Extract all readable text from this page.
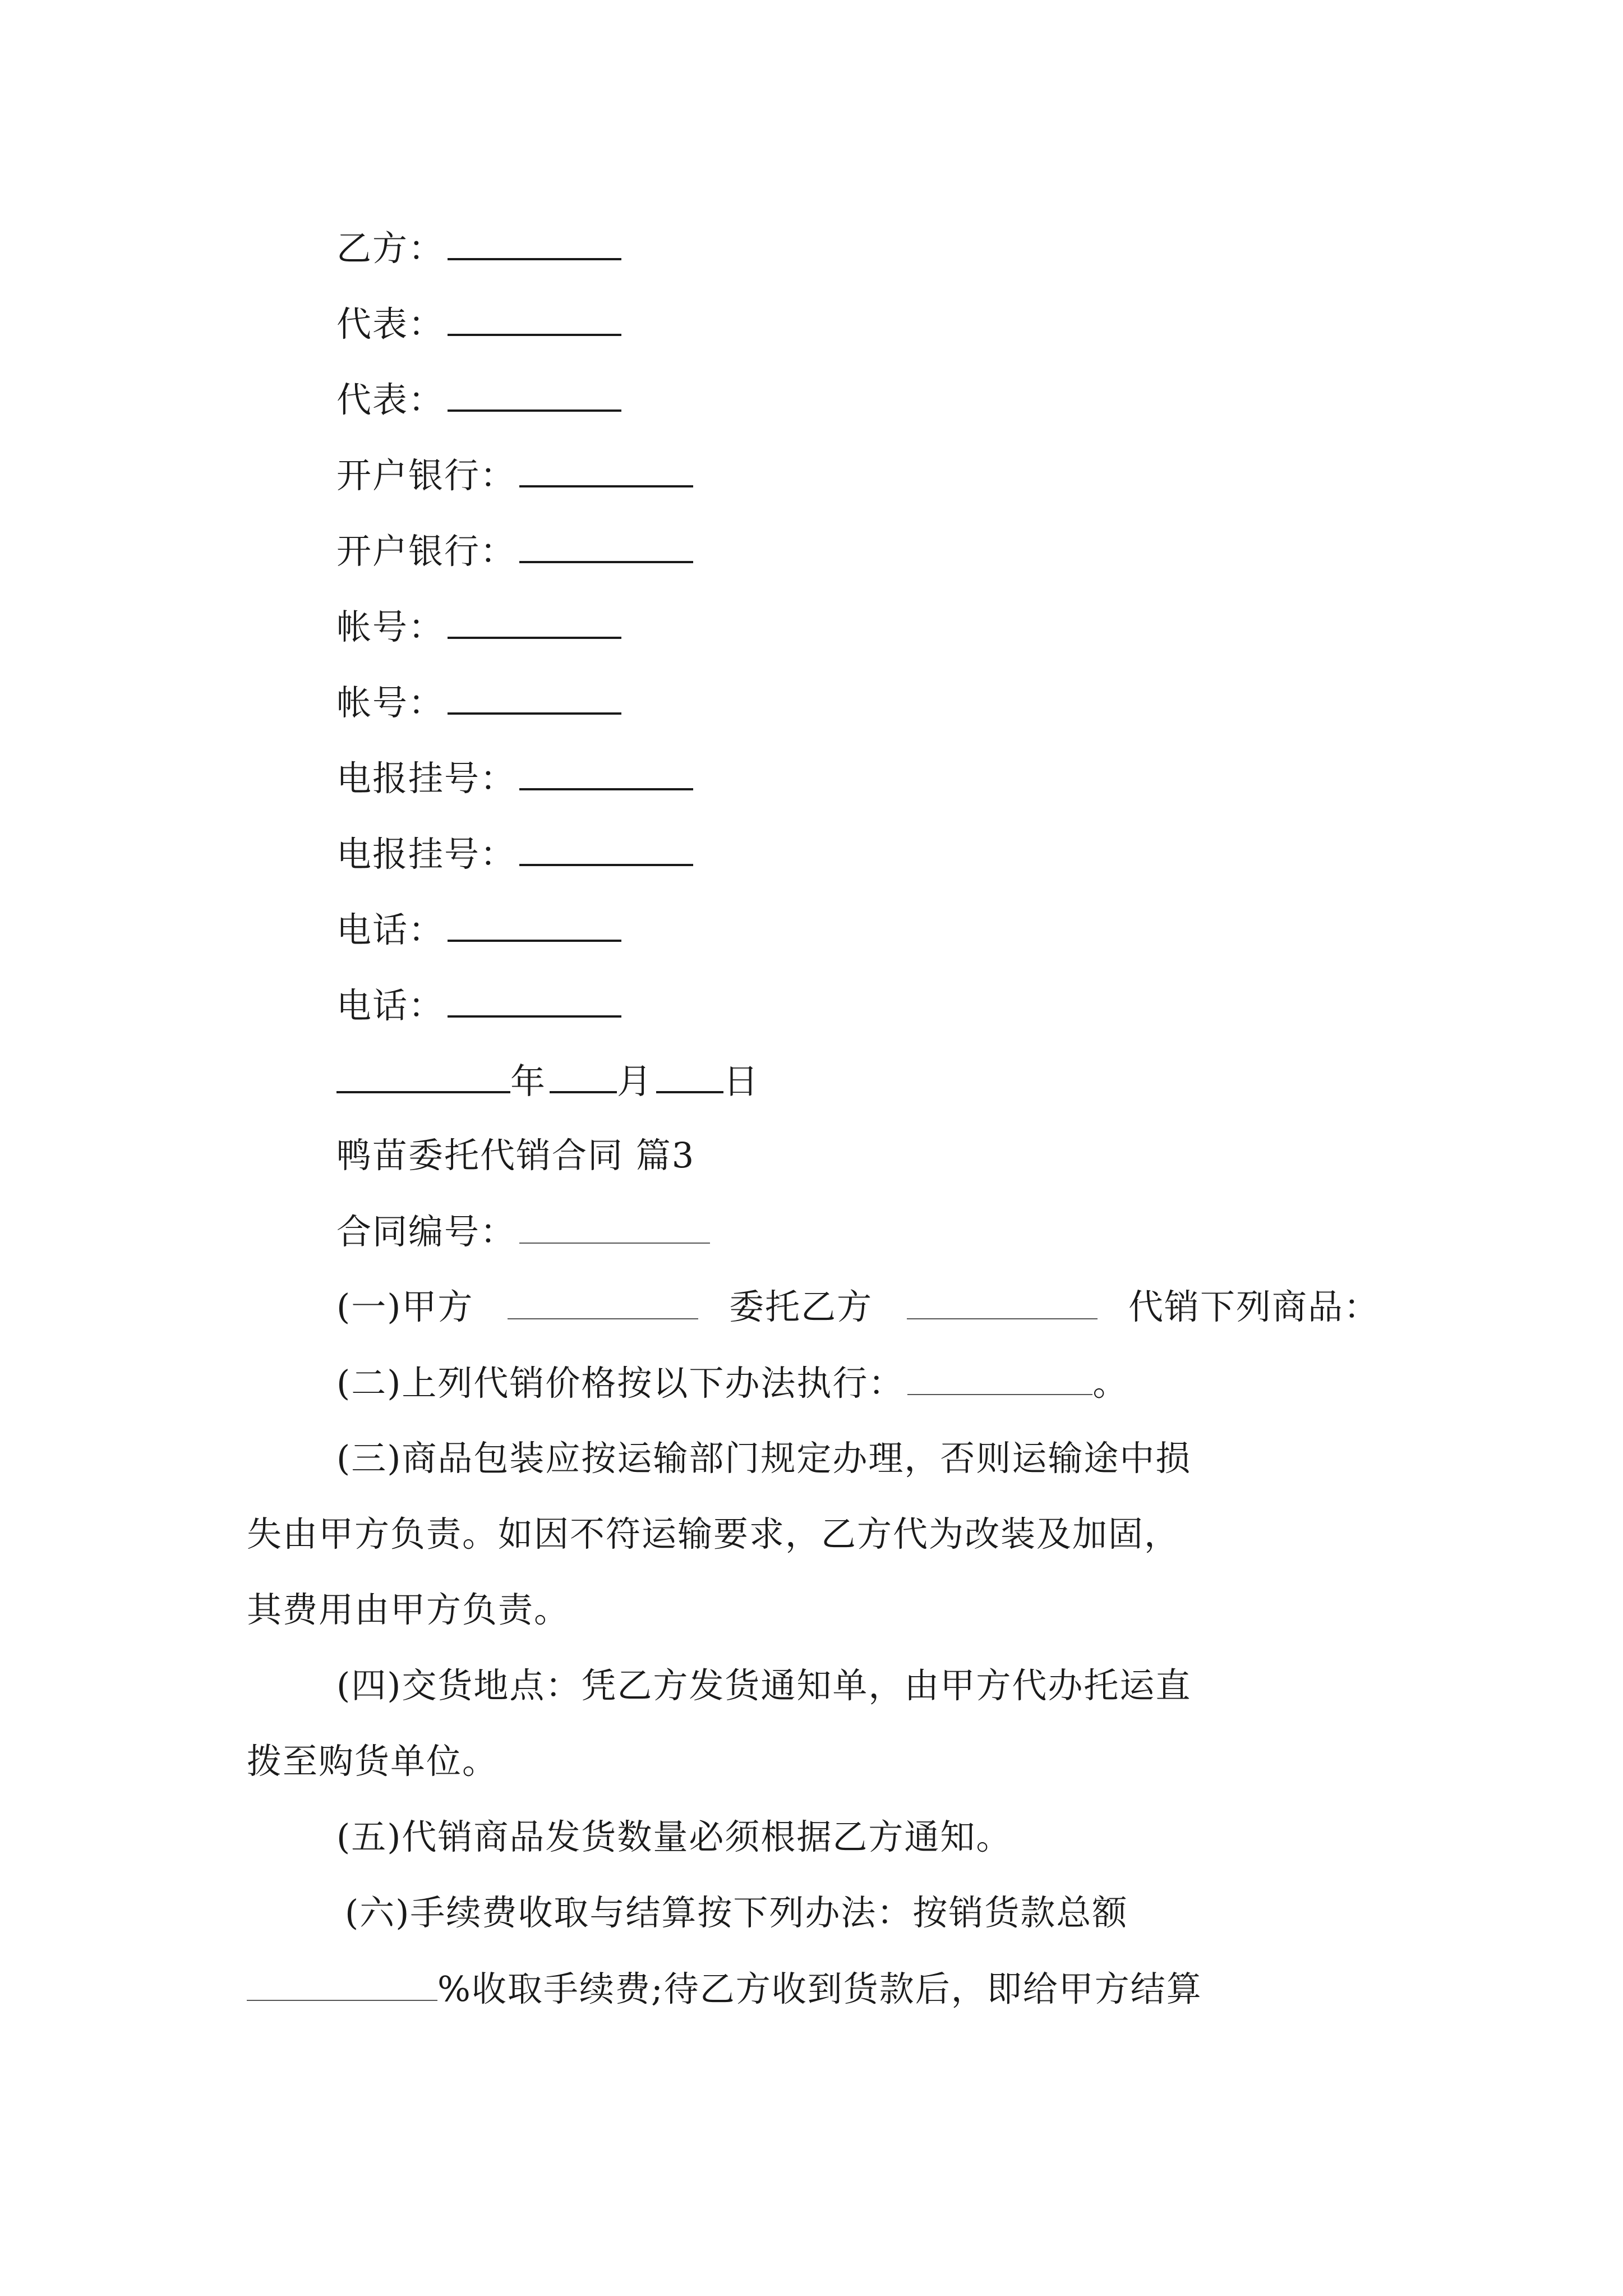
乙方：
代表：
代表：
开户银行：
开户银行：
帐号：
帐号：
电报挂号：
电报挂号：
电话：
电话：
年 月 日
鸭苗委托代销合同 篇3
合同编号：
(一)甲方	委托乙方	代销下列商品：
(二)上列代销价格按以下办法执行：	。
(三)商品包装应按运输部门规定办理，否则运输途中损
失由甲方负责。如因不符运输要求，乙方代为改装及加固，
其费用由甲方负责。
(四)交货地点：凭乙方发货通知单，由甲方代办托运直
拨至购货单位。
(五)代销商品发货数量必须根据乙方通知。
(六)手续费收取与结算按下列办法：按销货款总额
%收取手续费;待乙方收到货款后，即给甲方结算
